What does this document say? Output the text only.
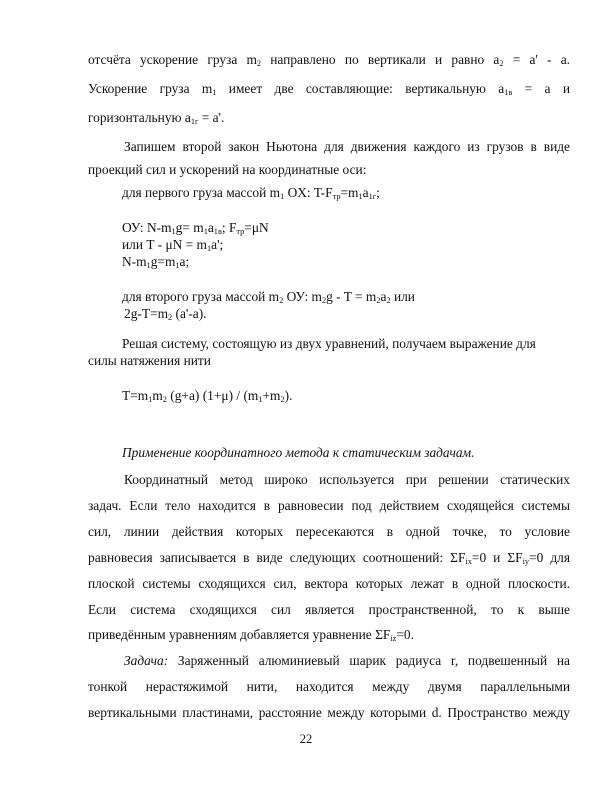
отсчёта ускорение груза $m_2$ направлено по вертикали и равно $a_2 = a' - a$.
Ускорение груза $m_1$ имеет две составляющие: вертикальную $a_{1в} = a$ и
горизонтальную $a_{1г} = a'$.
Запишем второй закон Ньютона для движения каждого из грузов в виде
проекций сил и ускорений на координатные оси:
для первого груза массой $m_1$ OX: $T-F_{тр}=m_1a_{1г}$;
ОУ: $N-m_1g= m_1a_{1в}$; $F_{тр}=\mu N$
или $T - \mu N = m_1a'$;
$N-m_1g=m_1a$;
для второго груза массой $m_2$ ОУ: $m_2g - T = m_2a_2$ или
$2g-T=m_2$ (a'-a).
Решая систему, состоящую из двух уравнений, получаем выражение для
силы натяжения нити
$T=m_1m_2$ (g+a) $(1+\mu) / (m_1+m_2)$.
Применение координатного метода к статическим задачам.
Координатный метод широко используется при решении статических
задач. Если тело находится в равновесии под действием сходящейся системы
сил, линии действия которых пересекаются в одной точке, то условие
равновесия записывается в виде следующих соотношений: $\Sigma F_{ix}=0$ и $\Sigma F_{iy}=0$ для
плоской системы сходящихся сил, вектора которых лежат в одной плоскости.
Если система сходящихся сил является пространственной, то к выше
приведённым уравнениям добавляется уравнение $\Sigma F_{iz}=0$.
Задача: Заряженный алюминиевый шарик радиуса r, подвешенный на
тонкой нерастяжимой нити, находится между двумя параллельными
вертикальными пластинами, расстояние между которыми d. Пространство между
22
